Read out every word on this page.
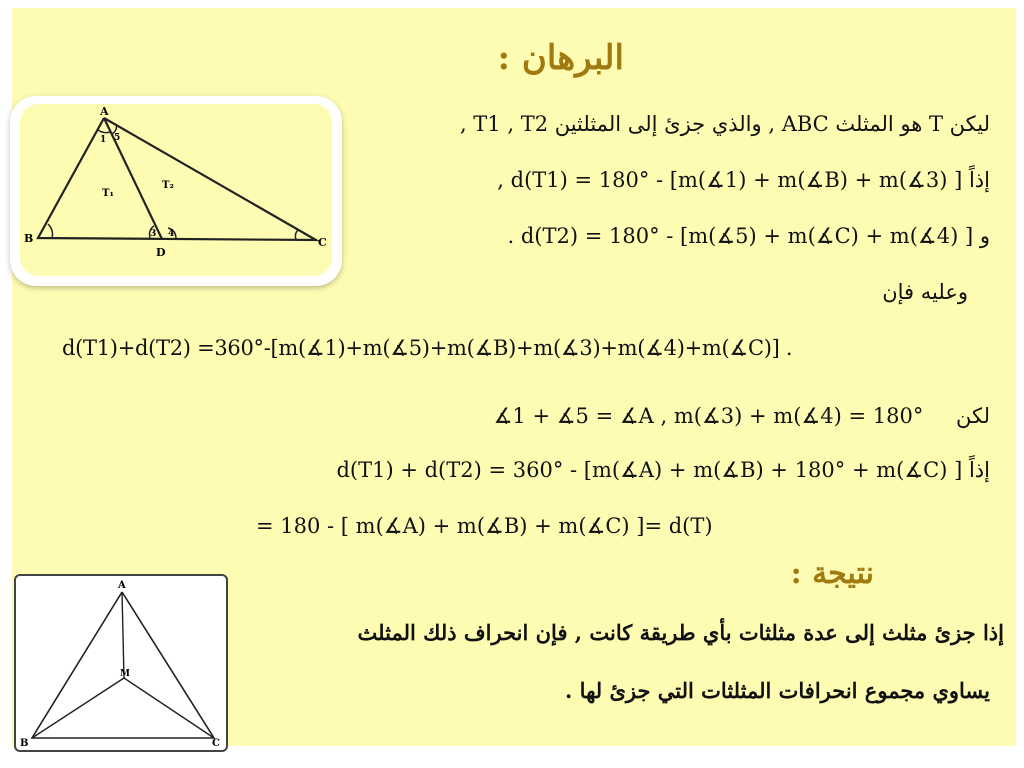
البرهان :
A
B	C
D
T₁
T₂
1 5
3 4
ليكن T هو المثلث ABC , والذي جزئ إلى المثلثين T1 , T2 ,
, d(T1) = 180° - [m(∡1) + m(∡B) + m(∡3) إذاً [
. d(T2) = 180° - [m(∡5) + m(∡C) + m(∡4) و [
وعليه فإن
d(T1)+d(T2) =360°-[m(∡1)+m(∡5)+m(∡B)+m(∡3)+m(∡4)+m(∡C)] .
∡1 + ∡5 = ∡A , m(∡3) + m(∡4) = 180° لكن
d(T1) + d(T2) = 360° - [m(∡A) + m(∡B) + 180° + m(∡C) إذاً [
= 180 - [ m(∡A) + m(∡B) + m(∡C) ]= d(T)
نتيجة :
A
B	C
M
إذا جزئ مثلث إلى عدة مثلثات بأي طريقة كانت , فإن انحراف ذلك المثلث
يساوي مجموع انحرافات المثلثات التي جزئ لها .
